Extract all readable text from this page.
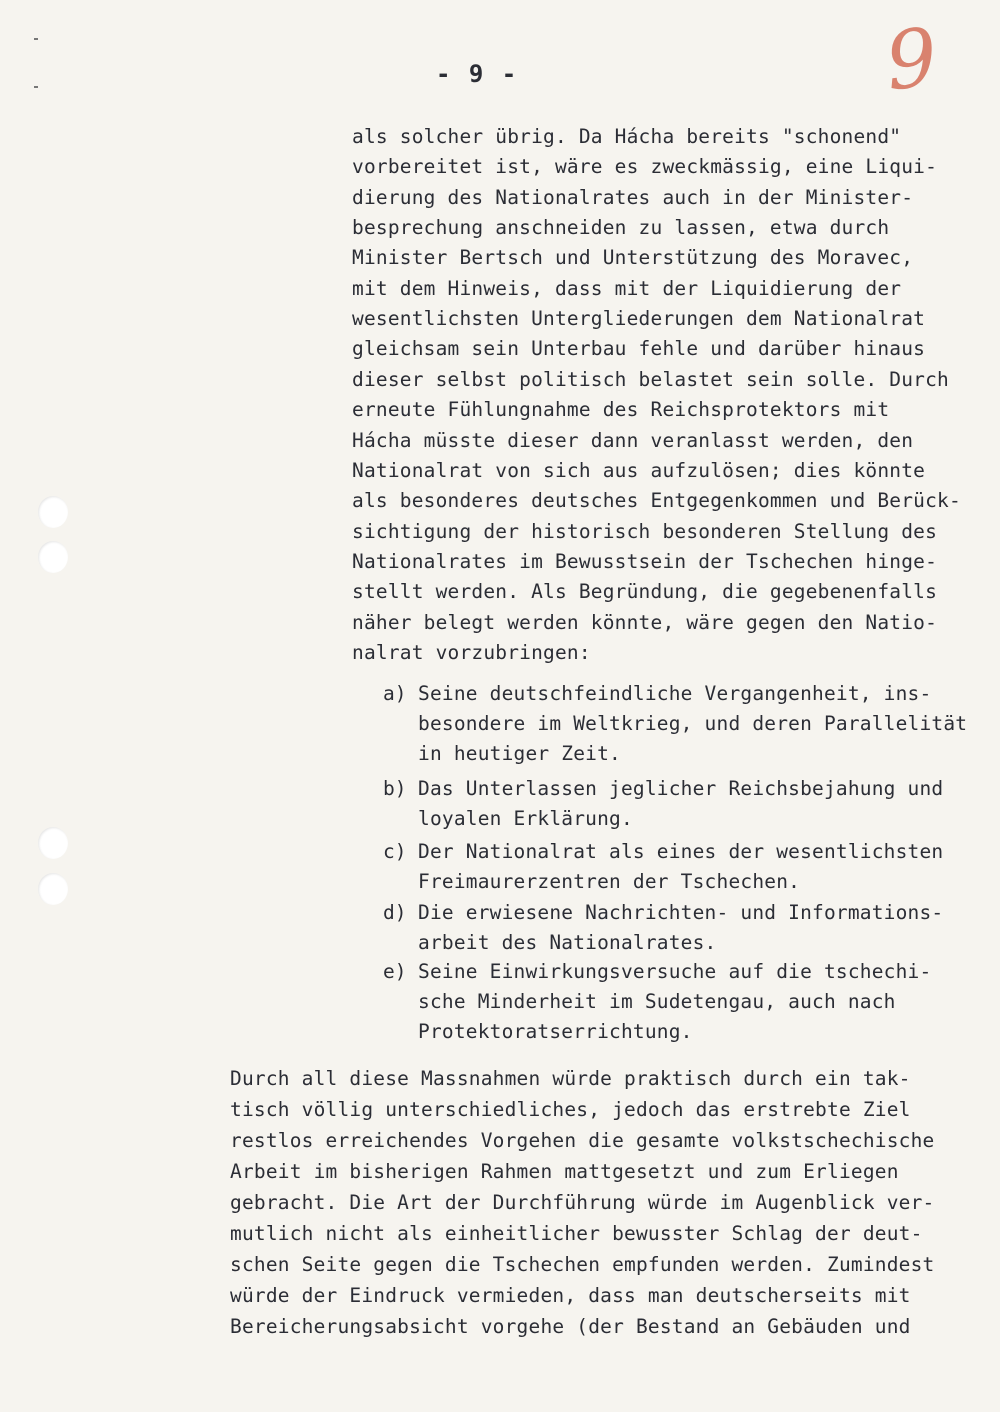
- 9 -	9
als solcher übrig. Da Hácha bereits "schonend"
vorbereitet ist, wäre es zweckmässig, eine Liqui-
dierung des Nationalrates auch in der Minister-
besprechung anschneiden zu lassen, etwa durch
Minister Bertsch und Unterstützung des Moravec,
mit dem Hinweis, dass mit der Liquidierung der
wesentlichsten Untergliederungen dem Nationalrat
gleichsam sein Unterbau fehle und darüber hinaus
dieser selbst politisch belastet sein solle. Durch
erneute Fühlungnahme des Reichsprotektors mit
Hácha müsste dieser dann veranlasst werden, den
Nationalrat von sich aus aufzulösen; dies könnte
als besonderes deutsches Entgegenkommen und Berück-
sichtigung der historisch besonderen Stellung des
Nationalrates im Bewusstsein der Tschechen hinge-
stellt werden. Als Begründung, die gegebenenfalls
näher belegt werden könnte, wäre gegen den Natio-
nalrat vorzubringen:
a) Seine deutschfeindliche Vergangenheit, ins-
besondere im Weltkrieg, und deren Parallelität
in heutiger Zeit.
b) Das Unterlassen jeglicher Reichsbejahung und
loyalen Erklärung.
c) Der Nationalrat als eines der wesentlichsten
Freimaurerzentren der Tschechen.
d) Die erwiesene Nachrichten- und Informations-
arbeit des Nationalrates.
e) Seine Einwirkungsversuche auf die tschechi-
sche Minderheit im Sudetengau, auch nach
Protektoratserrichtung.
Durch all diese Massnahmen würde praktisch durch ein tak-
tisch völlig unterschiedliches, jedoch das erstrebte Ziel
restlos erreichendes Vorgehen die gesamte volkstschechische
Arbeit im bisherigen Rahmen mattgesetzt und zum Erliegen
gebracht. Die Art der Durchführung würde im Augenblick ver-
mutlich nicht als einheitlicher bewusster Schlag der deut-
schen Seite gegen die Tschechen empfunden werden. Zumindest
würde der Eindruck vermieden, dass man deutscherseits mit
Bereicherungsabsicht vorgehe (der Bestand an Gebäuden und
